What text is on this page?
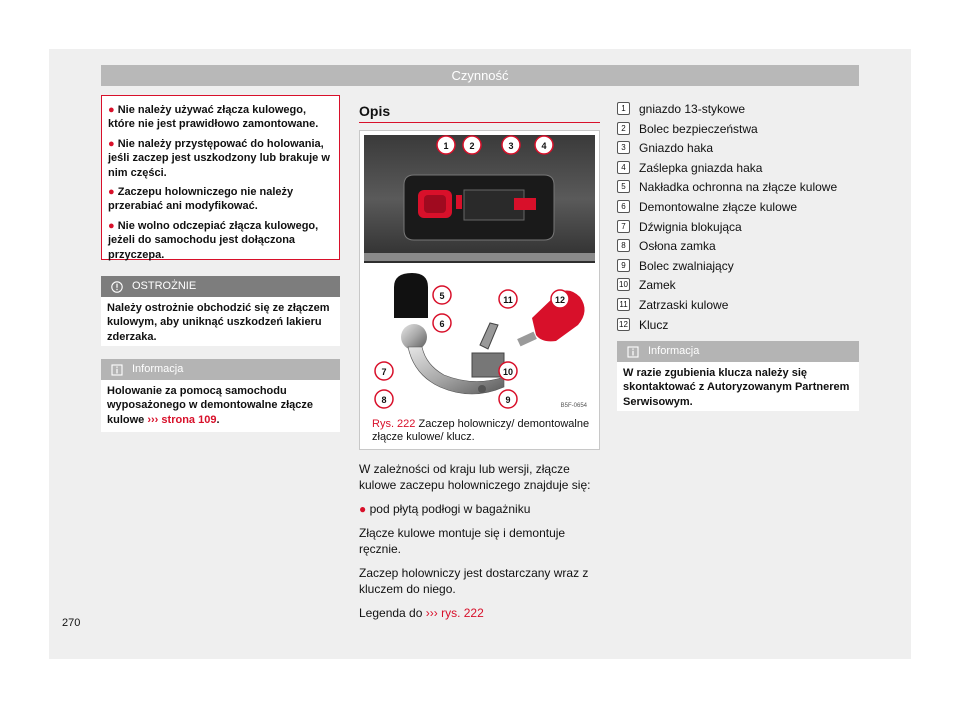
Czynność

● Nie należy używać złącza kulowego, które nie jest prawidłowo zamontowane.

● Nie należy przystępować do holowania, jeśli zaczep jest uszkodzony lub brakuje w nim części.

● Zaczepu holowniczego nie należy przerabiać ani modyfikować.

● Nie wolno odczepiać złącza kulowego, jeżeli do samochodu jest dołączona przyczepa.

OSTROŻNIE

Należy ostrożnie obchodzić się ze złączem kulowym, aby uniknąć uszkodzeń lakieru zderzaka.

Informacja

Holowanie za pomocą samochodu wyposażonego w demontowalne złącze kulowe ››› strona 109.

Opis
1 2	3	4
5
6
7
8	9
10
11	12
B5F-0654
Rys. 222 Zaczep holowniczy/ demontowalne złącze kulowe/ klucz.

W zależności od kraju lub wersji, złącze kulowe zaczepu holowniczego znajduje się:

● pod płytą podłogi w bagażniku

Złącze kulowe montuje się i demontuje ręcznie.

Zaczep holowniczy jest dostarczany wraz z kluczem do niego.

Legenda do ››› rys. 222

1	gniazdo 13-stykowe
2	Bolec bezpieczeństwa
3	Gniazdo haka
4	Zaślepka gniazda haka
5	Nakładka ochronna na złącze kulowe
6	Demontowalne złącze kulowe
7	Dźwignia blokująca
8	Osłona zamka
9	Bolec zwalniający
10 Zamek
11 Zatrzaski kulowe
12 Klucz
Informacja

W razie zgubienia klucza należy się skontaktować z Autoryzowanym Partnerem Serwisowym.

270
